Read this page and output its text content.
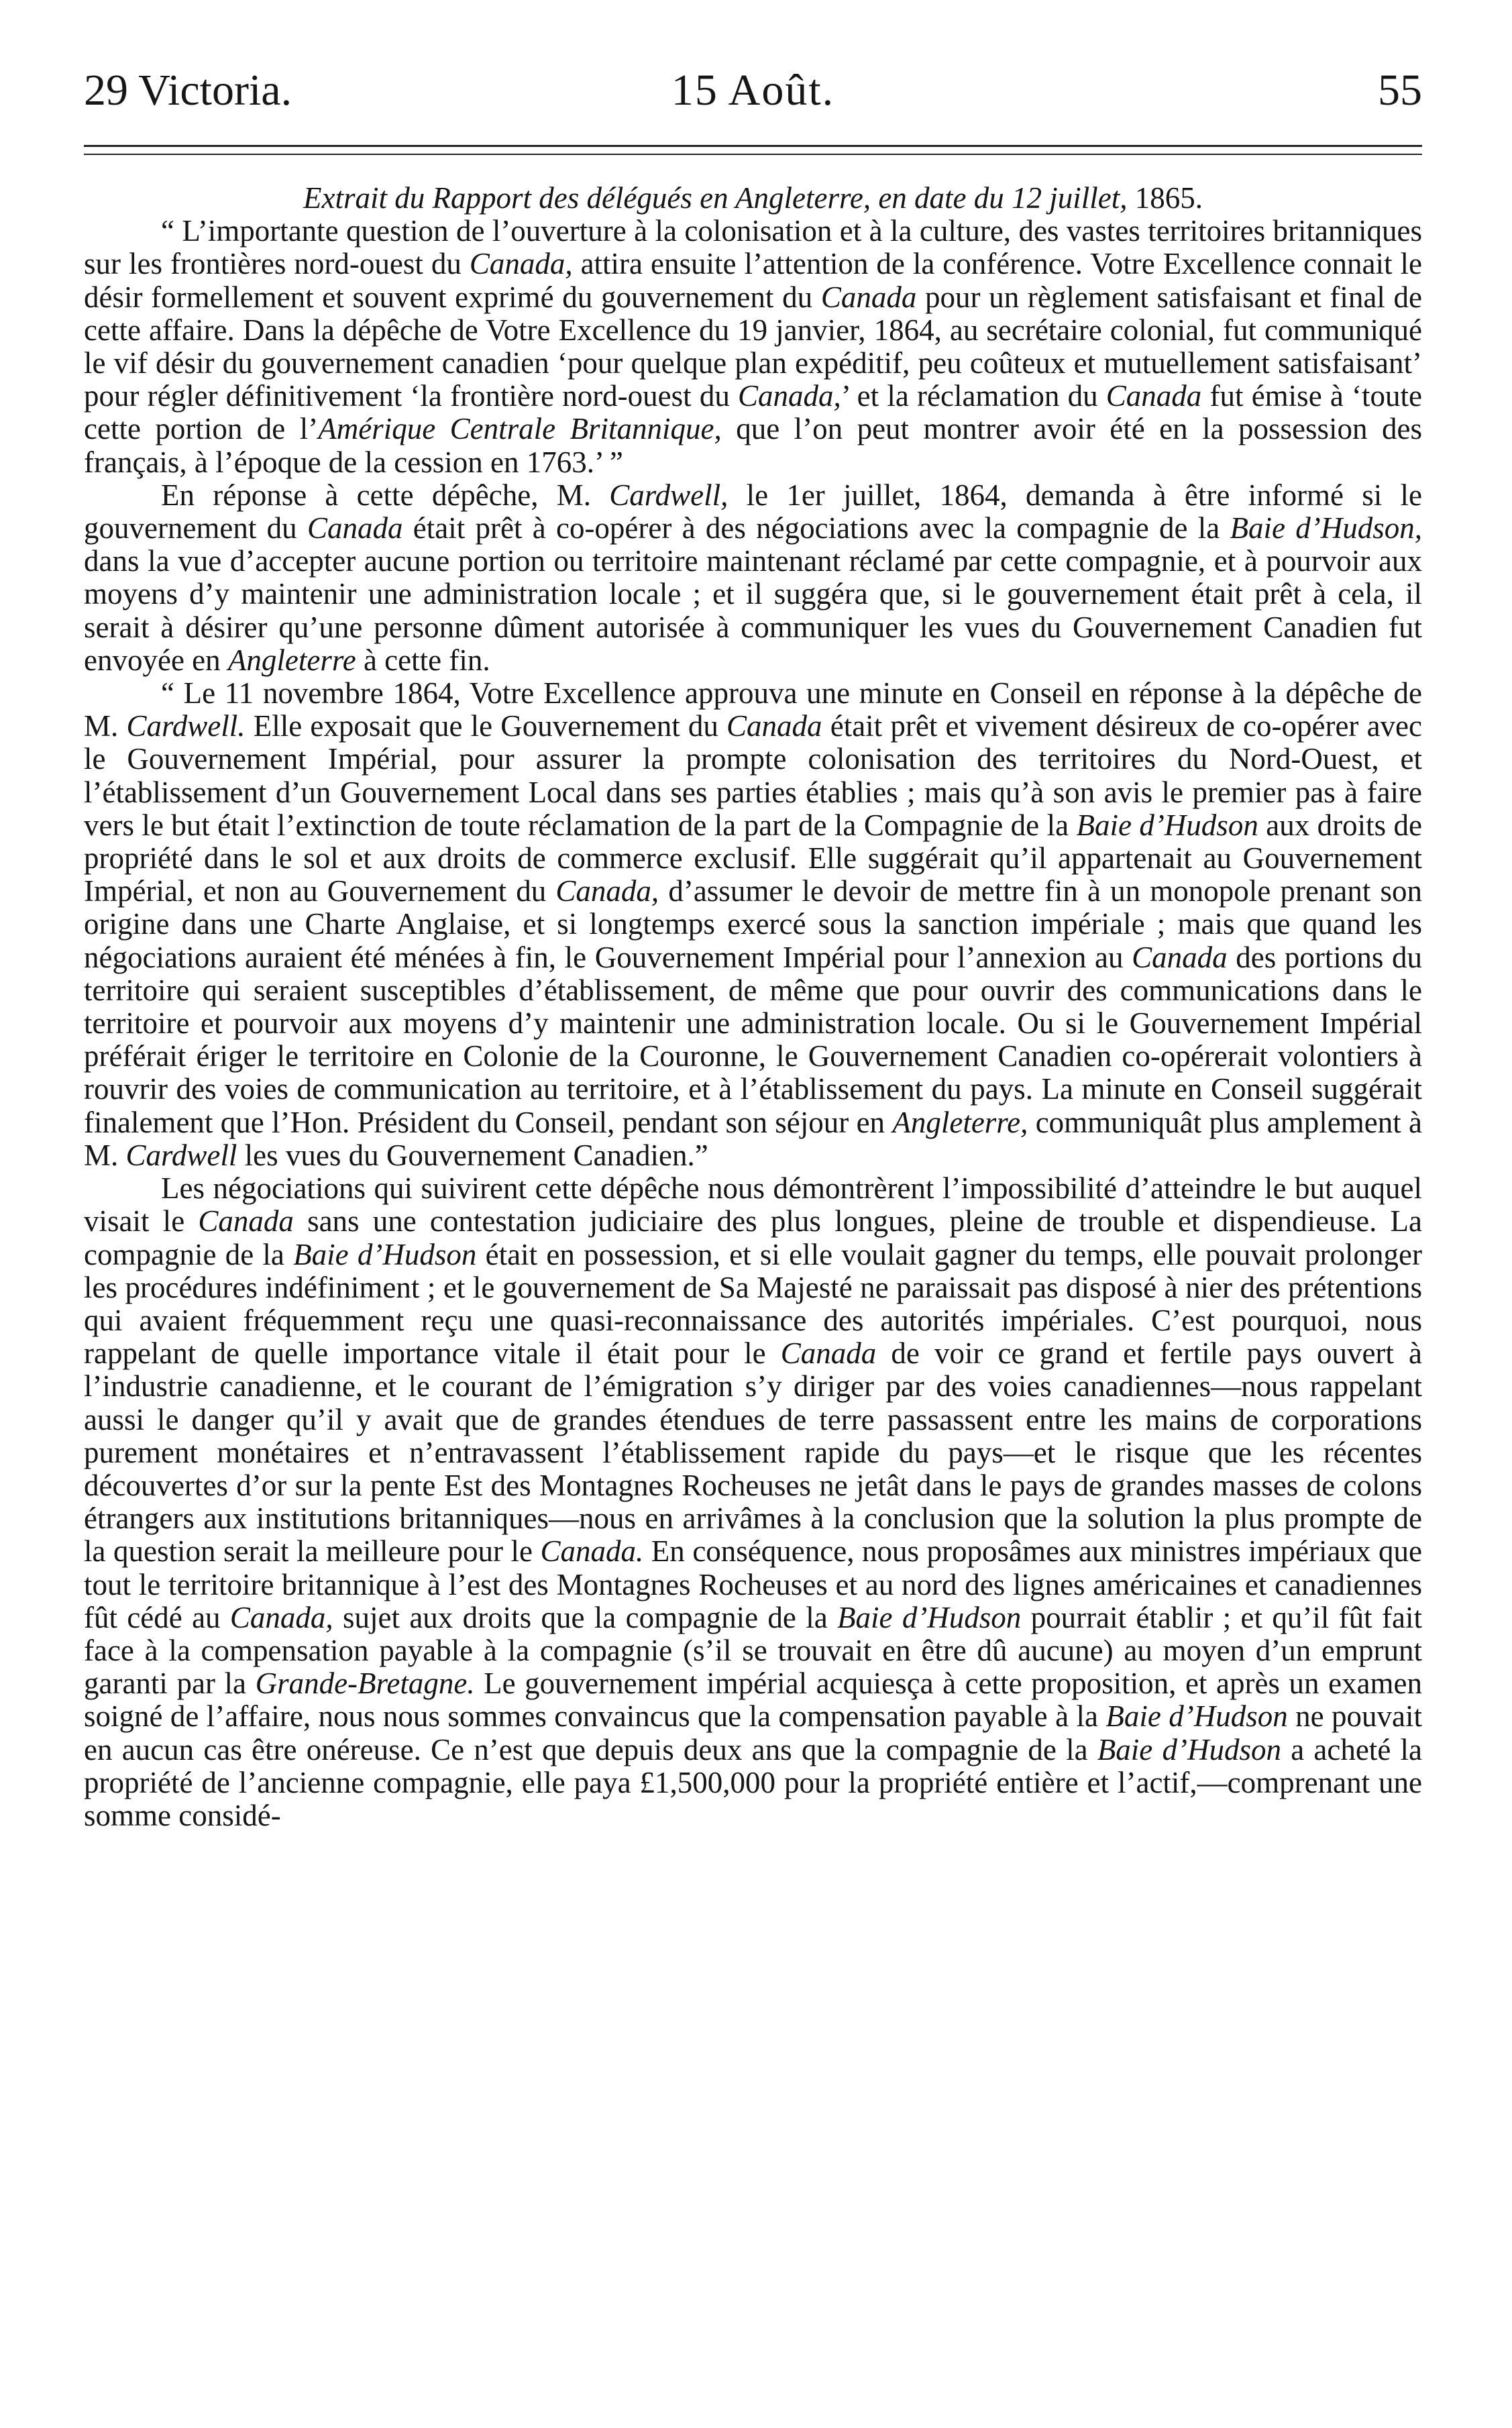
29 Victoria.	15 Août.	55

Extrait du Rapport des délégués en Angleterre, en date du 12 juillet, 1865.

“ L’importante question de l’ouverture à la colonisation et à la culture, des vastes territoires britanniques sur les frontières nord-ouest du Canada, attira ensuite l’attention de la conférence. Votre Excellence connait le désir formellement et souvent exprimé du gouvernement du Canada pour un règlement satisfaisant et final de cette affaire. Dans la dépêche de Votre Excellence du 19 janvier, 1864, au secrétaire colonial, fut communiqué le vif désir du gouvernement canadien ‘pour quelque plan expéditif, peu coûteux et mutuellement satisfaisant’ pour régler définitivement ‘la frontière nord-ouest du Canada,’ et la réclamation du Canada fut émise à ‘toute cette portion de l’Amérique Centrale Britannique, que l’on peut montrer avoir été en la possession des français, à l’époque de la cession en 1763.’ ”

En réponse à cette dépêche, M. Cardwell, le 1er juillet, 1864, demanda à être informé si le gouvernement du Canada était prêt à co-opérer à des négociations avec la compagnie de la Baie d’Hudson, dans la vue d’accepter aucune portion ou territoire maintenant réclamé par cette compagnie, et à pourvoir aux moyens d’y maintenir une administration locale ; et il suggéra que, si le gouvernement était prêt à cela, il serait à désirer qu’une personne dûment autorisée à communiquer les vues du Gouvernement Canadien fut envoyée en Angleterre à cette fin.

“ Le 11 novembre 1864, Votre Excellence approuva une minute en Conseil en réponse à la dépêche de M. Cardwell. Elle exposait que le Gouvernement du Canada était prêt et vivement désireux de co-opérer avec le Gouvernement Impérial, pour assurer la prompte colonisation des territoires du Nord-Ouest, et l’établissement d’un Gouvernement Local dans ses parties établies ; mais qu’à son avis le premier pas à faire vers le but était l’extinction de toute réclamation de la part de la Compagnie de la Baie d’Hudson aux droits de propriété dans le sol et aux droits de commerce exclusif. Elle suggérait qu’il appartenait au Gouvernement Impérial, et non au Gouvernement du Canada, d’assumer le devoir de mettre fin à un monopole prenant son origine dans une Charte Anglaise, et si longtemps exercé sous la sanction impériale ; mais que quand les négociations auraient été ménées à fin, le Gouvernement Impérial pour l’annexion au Canada des portions du territoire qui seraient susceptibles d’établissement, de même que pour ouvrir des communications dans le territoire et pourvoir aux moyens d’y maintenir une administration locale. Ou si le Gouvernement Impérial préférait ériger le territoire en Colonie de la Couronne, le Gouvernement Canadien co-opérerait volontiers à rouvrir des voies de communication au territoire, et à l’établissement du pays. La minute en Conseil suggérait finalement que l’Hon. Président du Conseil, pendant son séjour en Angleterre, communiquât plus amplement à M. Cardwell les vues du Gouvernement Canadien.”

Les négociations qui suivirent cette dépêche nous démontrèrent l’impossibilité d’atteindre le but auquel visait le Canada sans une contestation judiciaire des plus longues, pleine de trouble et dispendieuse. La compagnie de la Baie d’Hudson était en possession, et si elle voulait gagner du temps, elle pouvait prolonger les procédures indéfiniment ; et le gouvernement de Sa Majesté ne paraissait pas disposé à nier des prétentions qui avaient fréquemment reçu une quasi-reconnaissance des autorités impériales. C’est pourquoi, nous rappelant de quelle importance vitale il était pour le Canada de voir ce grand et fertile pays ouvert à l’industrie canadienne, et le courant de l’émigration s’y diriger par des voies canadiennes—nous rappelant aussi le danger qu’il y avait que de grandes étendues de terre passassent entre les mains de corporations purement monétaires et n’entravassent l’établissement rapide du pays—et le risque que les récentes découvertes d’or sur la pente Est des Montagnes Rocheuses ne jetât dans le pays de grandes masses de colons étrangers aux institutions britanniques—nous en arrivâmes à la conclusion que la solution la plus prompte de la question serait la meilleure pour le Canada. En conséquence, nous proposâmes aux ministres impériaux que tout le territoire britannique à l’est des Montagnes Rocheuses et au nord des lignes américaines et canadiennes fût cédé au Canada, sujet aux droits que la compagnie de la Baie d’Hudson pourrait établir ; et qu’il fût fait face à la compensation payable à la compagnie (s’il se trouvait en être dû aucune) au moyen d’un emprunt garanti par la Grande-Bretagne. Le gouvernement impérial acquiesça à cette proposition, et après un examen soigné de l’affaire, nous nous sommes convaincus que la compensation payable à la Baie d’Hudson ne pouvait en aucun cas être onéreuse. Ce n’est que depuis deux ans que la compagnie de la Baie d’Hudson a acheté la propriété de l’ancienne compagnie, elle paya £1,500,000 pour la propriété entière et l’actif,—comprenant une somme considé-
